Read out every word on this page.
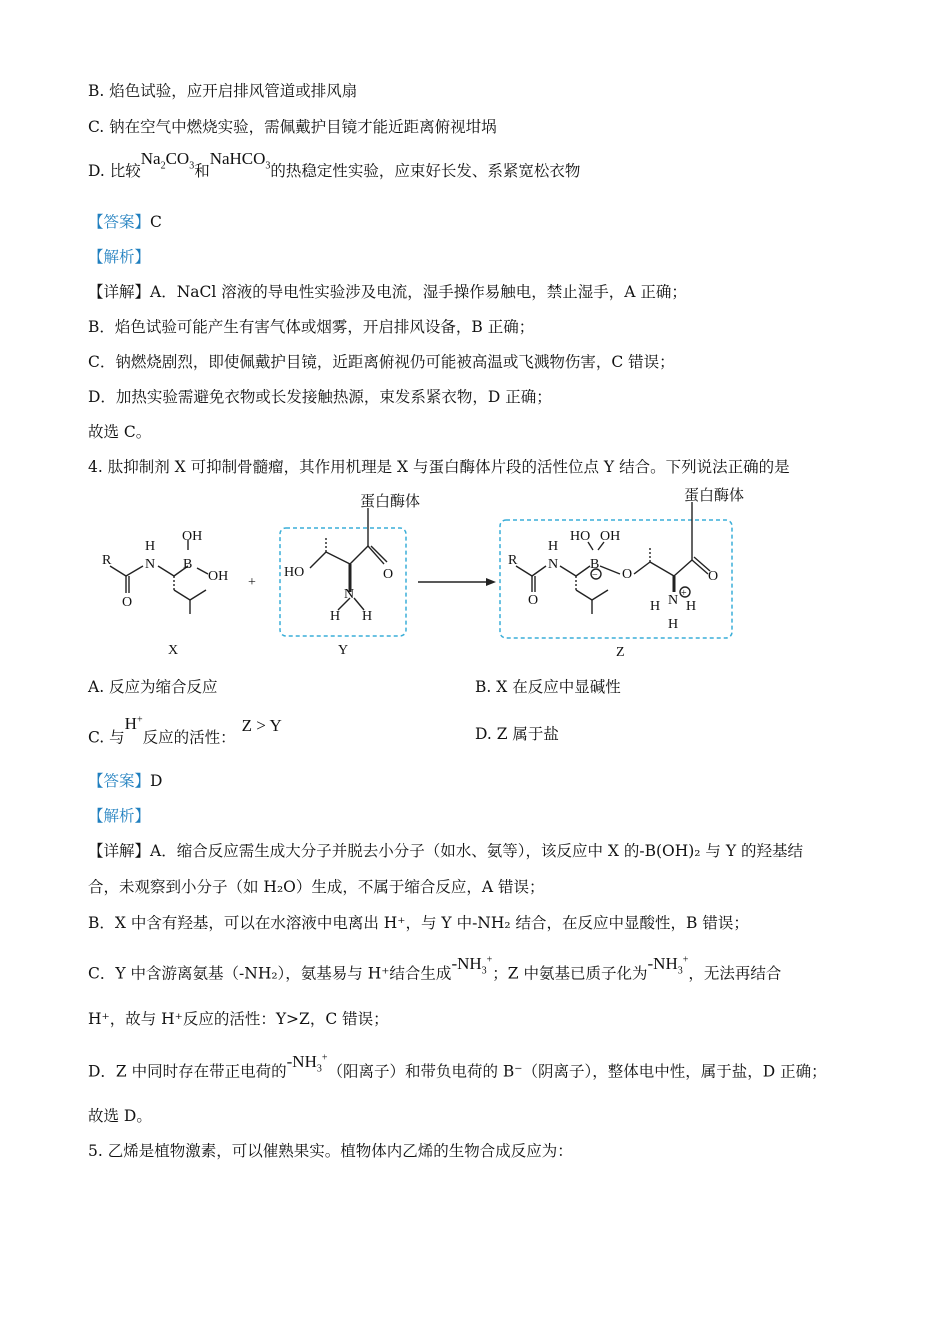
B. 焰色试验，应开启排风管道或排风扇
C. 钠在空气中燃烧实验，需佩戴护目镜才能近距离俯视坩埚
D. 比较$Na_2CO_3$和NaHCO$_3$的热稳定性实验，应束好长发、系紧宽松衣物
【答案】C
【解析】
【详解】A．NaCl 溶液的导电性实验涉及电流，湿手操作易触电，禁止湿手，A 正确；
B．焰色试验可能产生有害气体或烟雾，开启排风设备，B 正确；
C．钠燃烧剧烈，即使佩戴护目镜，近距离俯视仍可能被高温或飞溅物伤害，C 错误；
D．加热实验需避免衣物或长发接触热源，束发系紧衣物，D 正确；
故选 C。
4. 肽抑制剂 X 可抑制骨髓瘤，其作用机理是 X 与蛋白酶体片段的活性位点 Y 结合。下列说法正确的是
R
O
H
N B
OH
OH
X
+
蛋白酶体
HO	O
N
H H
Y
蛋白酶体
R
O
H
N B
HO OH
− O	O
N +
H H
H
Z
A. 反应为缩合反应	B. X 在反应中显碱性
C. 与H+反应的活性：Z > Y	D. Z 属于盐
【答案】D
【解析】
【详解】A．缩合反应需生成大分子并脱去小分子（如水、氨等），该反应中 X 的-B(OH)₂ 与 Y 的羟基结
合，未观察到小分子（如 H₂O）生成，不属于缩合反应，A 错误；
B．X 中含有羟基，可以在水溶液中电离出 H⁺，与 Y 中-NH₂ 结合，在反应中显酸性，B 错误；
C．Y 中含游离氨基（-NH₂），氨基易与 H⁺结合生成$-NH_3^+$；Z 中氨基已质子化为$-NH_3^+$，无法再结合
H⁺，故与 H⁺反应的活性：Y>Z，C 错误；
D．Z 中同时存在带正电荷的$-NH_3^+$（阳离子）和带负电荷的 B⁻（阴离子），整体电中性，属于盐，D 正确；
故选 D。
5. 乙烯是植物激素，可以催熟果实。植物体内乙烯的生物合成反应为：
